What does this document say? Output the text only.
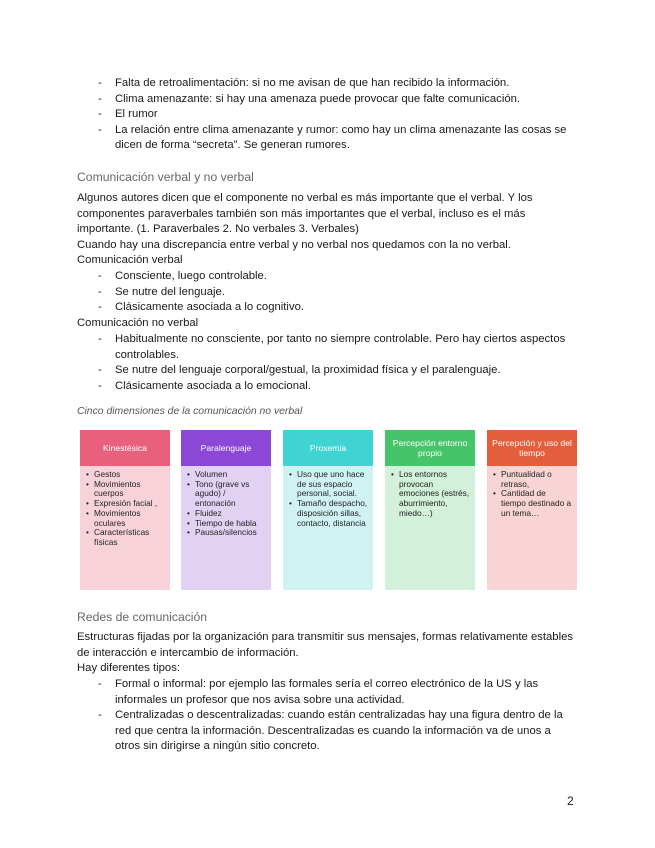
- Falta de retroalimentación: si no me avisan de que han recibido la información.
- Clima amenazante: si hay una amenaza puede provocar que falte comunicación.
- El rumor
- La relación entre clima amenazante y rumor: como hay un clima amenazante las cosas se dicen de forma “secreta”. Se generan rumores.
Comunicación verbal y no verbal
Algunos autores dicen que el componente no verbal es más importante que el verbal. Y los componentes paraverbales también son más importantes que el verbal, incluso es el más importante. (1. Paraverbales 2. No verbales 3. Verbales)
Cuando hay una discrepancia entre verbal y no verbal nos quedamos con la no verbal.
Comunicación verbal
- Consciente, luego controlable.
- Se nutre del lenguaje.
- Clásicamente asociada a lo cognitivo.
Comunicación no verbal
- Habitualmente no consciente, por tanto no siempre controlable. Pero hay ciertos aspectos controlables.
- Se nutre del lenguaje corporal/gestual, la proximidad física y el paralenguaje.
- Clásicamente asociada a lo emocional.
Cinco dimensiones de la comunicación no verbal
Kinestésica
• Gestos
• Movimientos cuerpos
• Expresión facial ,
• Movimientos oculares
• Características físicas
Paralenguaje
• Volumen
• Tono (grave vs agudo) / entonación
• Fluidez
• Tiempo de habla
• Pausas/silencios
Proxemia
• Uso que uno hace de sus espacio personal, social.
• Tamaño despacho, disposición sillas, contacto, distancia
Percepción entorno propio
• Los entornos provocan emociones (estrés, aburrimiento, miedo…)
Percepción y uso del tiempo
• Puntualidad o retraso,
• Cantidad de tiempo destinado a un tema…
Redes de comunicación
Estructuras fijadas por la organización para transmitir sus mensajes, formas relativamente estables de interacción e intercambio de información.
Hay diferentes tipos:
- Formal o informal: por ejemplo las formales sería el correo electrónico de la US y las informales un profesor que nos avisa sobre una actividad.
- Centralizadas o descentralizadas: cuando están centralizadas hay una figura dentro de la red que centra la información. Descentralizadas es cuando la información va de unos a otros sin dirigirse a ningún sitio concreto.
2
